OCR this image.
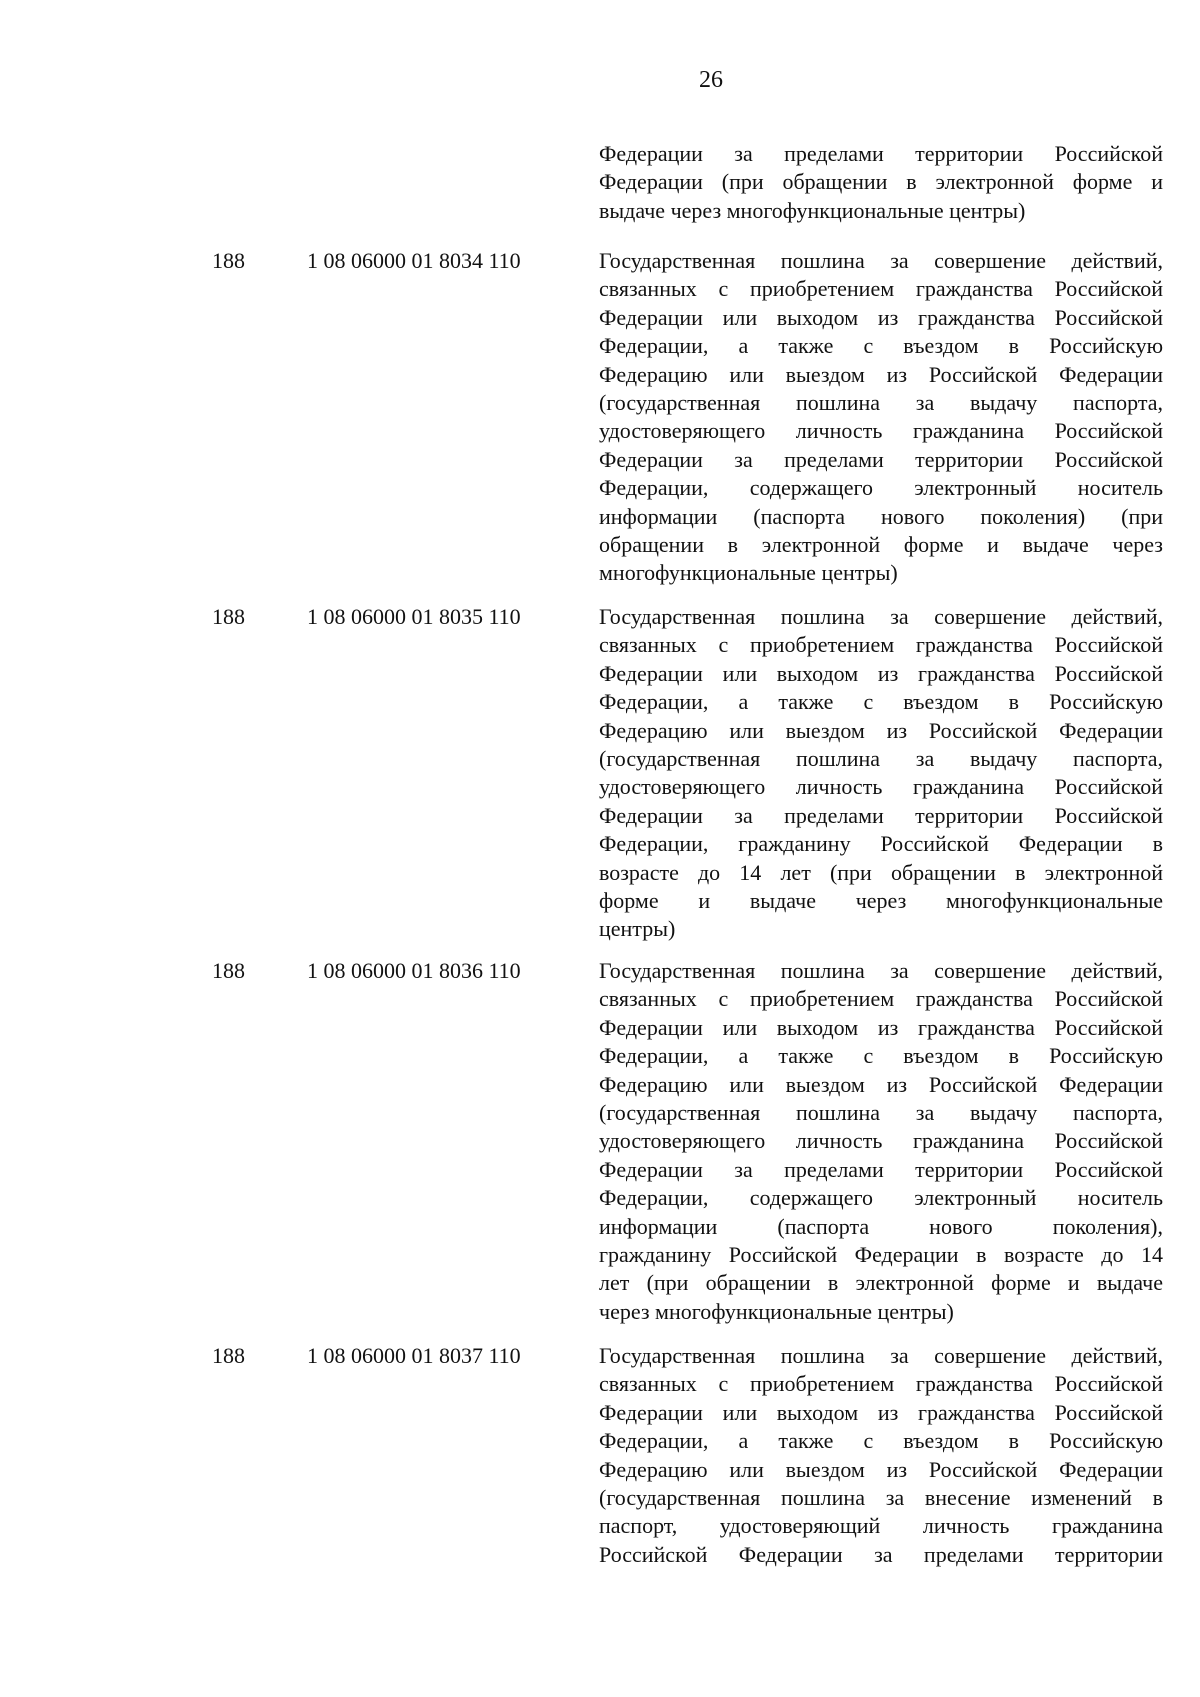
26
Федерации за пределами территории Российской
Федерации (при обращении в электронной форме и
выдаче через многофункциональные центры)
188	1 08 06000 01 8034 110	Государственная пошлина за совершение действий,
связанных с приобретением гражданства Российской
Федерации или выходом из гражданства Российской
Федерации, а также с въездом в Российскую
Федерацию или выездом из Российской Федерации
(государственная пошлина за выдачу паспорта,
удостоверяющего личность гражданина Российской
Федерации за пределами территории Российской
Федерации, содержащего электронный носитель
информации (паспорта нового поколения) (при
обращении в электронной форме и выдаче через
многофункциональные центры)
188	1 08 06000 01 8035 110	Государственная пошлина за совершение действий,
связанных с приобретением гражданства Российской
Федерации или выходом из гражданства Российской
Федерации, а также с въездом в Российскую
Федерацию или выездом из Российской Федерации
(государственная пошлина за выдачу паспорта,
удостоверяющего личность гражданина Российской
Федерации за пределами территории Российской
Федерации, гражданину Российской Федерации в
возрасте до 14 лет (при обращении в электронной
форме и выдаче через многофункциональные
центры)
188	1 08 06000 01 8036 110	Государственная пошлина за совершение действий,
связанных с приобретением гражданства Российской
Федерации или выходом из гражданства Российской
Федерации, а также с въездом в Российскую
Федерацию или выездом из Российской Федерации
(государственная пошлина за выдачу паспорта,
удостоверяющего личность гражданина Российской
Федерации за пределами территории Российской
Федерации, содержащего электронный носитель
информации (паспорта нового поколения),
гражданину Российской Федерации в возрасте до 14
лет (при обращении в электронной форме и выдаче
через многофункциональные центры)
188	1 08 06000 01 8037 110	Государственная пошлина за совершение действий,
связанных с приобретением гражданства Российской
Федерации или выходом из гражданства Российской
Федерации, а также с въездом в Российскую
Федерацию или выездом из Российской Федерации
(государственная пошлина за внесение изменений в
паспорт, удостоверяющий личность гражданина
Российской Федерации за пределами территории
